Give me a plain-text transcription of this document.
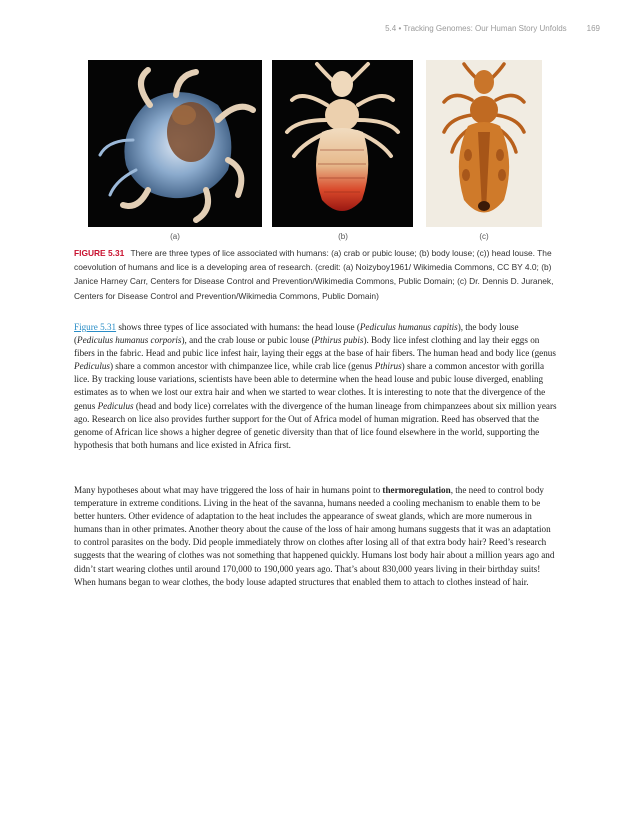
5.4 • Tracking Genomes: Our Human Story Unfolds	169
(a)	(b)	(c)
FIGURE 5.31 There are three types of lice associated with humans: (a) crab or pubic louse; (b) body louse; (c)) head louse. The coevolution of humans and lice is a developing area of research. (credit: (a) Noizyboy1961/ Wikimedia Commons, CC BY 4.0; (b) Janice Harney Carr, Centers for Disease Control and Prevention/Wikimedia Commons, Public Domain; (c) Dr. Dennis D. Juranek, Centers for Disease Control and Prevention/Wikimedia Commons, Public Domain)

Figure 5.31 shows three types of lice associated with humans: the head louse (Pediculus humanus capitis), the body louse (Pediculus humanus corporis), and the crab louse or pubic louse (Pthirus pubis). Body lice infest clothing and lay their eggs on fibers in the fabric. Head and pubic lice infest hair, laying their eggs at the base of hair fibers. The human head and body lice (genus Pediculus) share a common ancestor with chimpanzee lice, while crab lice (genus Pthirus) share a common ancestor with gorilla lice. By tracking louse variations, scientists have been able to determine when the head louse and pubic louse diverged, enabling estimates as to when we lost our extra hair and when we started to wear clothes. It is interesting to note that the divergence of the genus Pediculus (head and body lice) correlates with the divergence of the human lineage from chimpanzees about six million years ago. Research on lice also provides further support for the Out of Africa model of human migration. Reed has observed that the genome of African lice shows a higher degree of genetic diversity than that of lice found elsewhere in the world, supporting the hypothesis that both humans and lice existed in Africa first.

Many hypotheses about what may have triggered the loss of hair in humans point to thermoregulation, the need to control body temperature in extreme conditions. Living in the heat of the savanna, humans needed a cooling mechanism to enable them to be better hunters. Other evidence of adaptation to the heat includes the appearance of sweat glands, which are more numerous in humans than in other primates. Another theory about the cause of the loss of hair among humans suggests that it was an adaptation to control parasites on the body. Did people immediately throw on clothes after losing all of that extra body hair? Reed’s research suggests that the wearing of clothes was not something that happened quickly. Humans lost body hair about a million years ago and didn’t start wearing clothes until around 170,000 to 190,000 years ago. That’s about 830,000 years living in their birthday suits! When humans began to wear clothes, the body louse adapted structures that enabled them to attach to clothes instead of hair.
